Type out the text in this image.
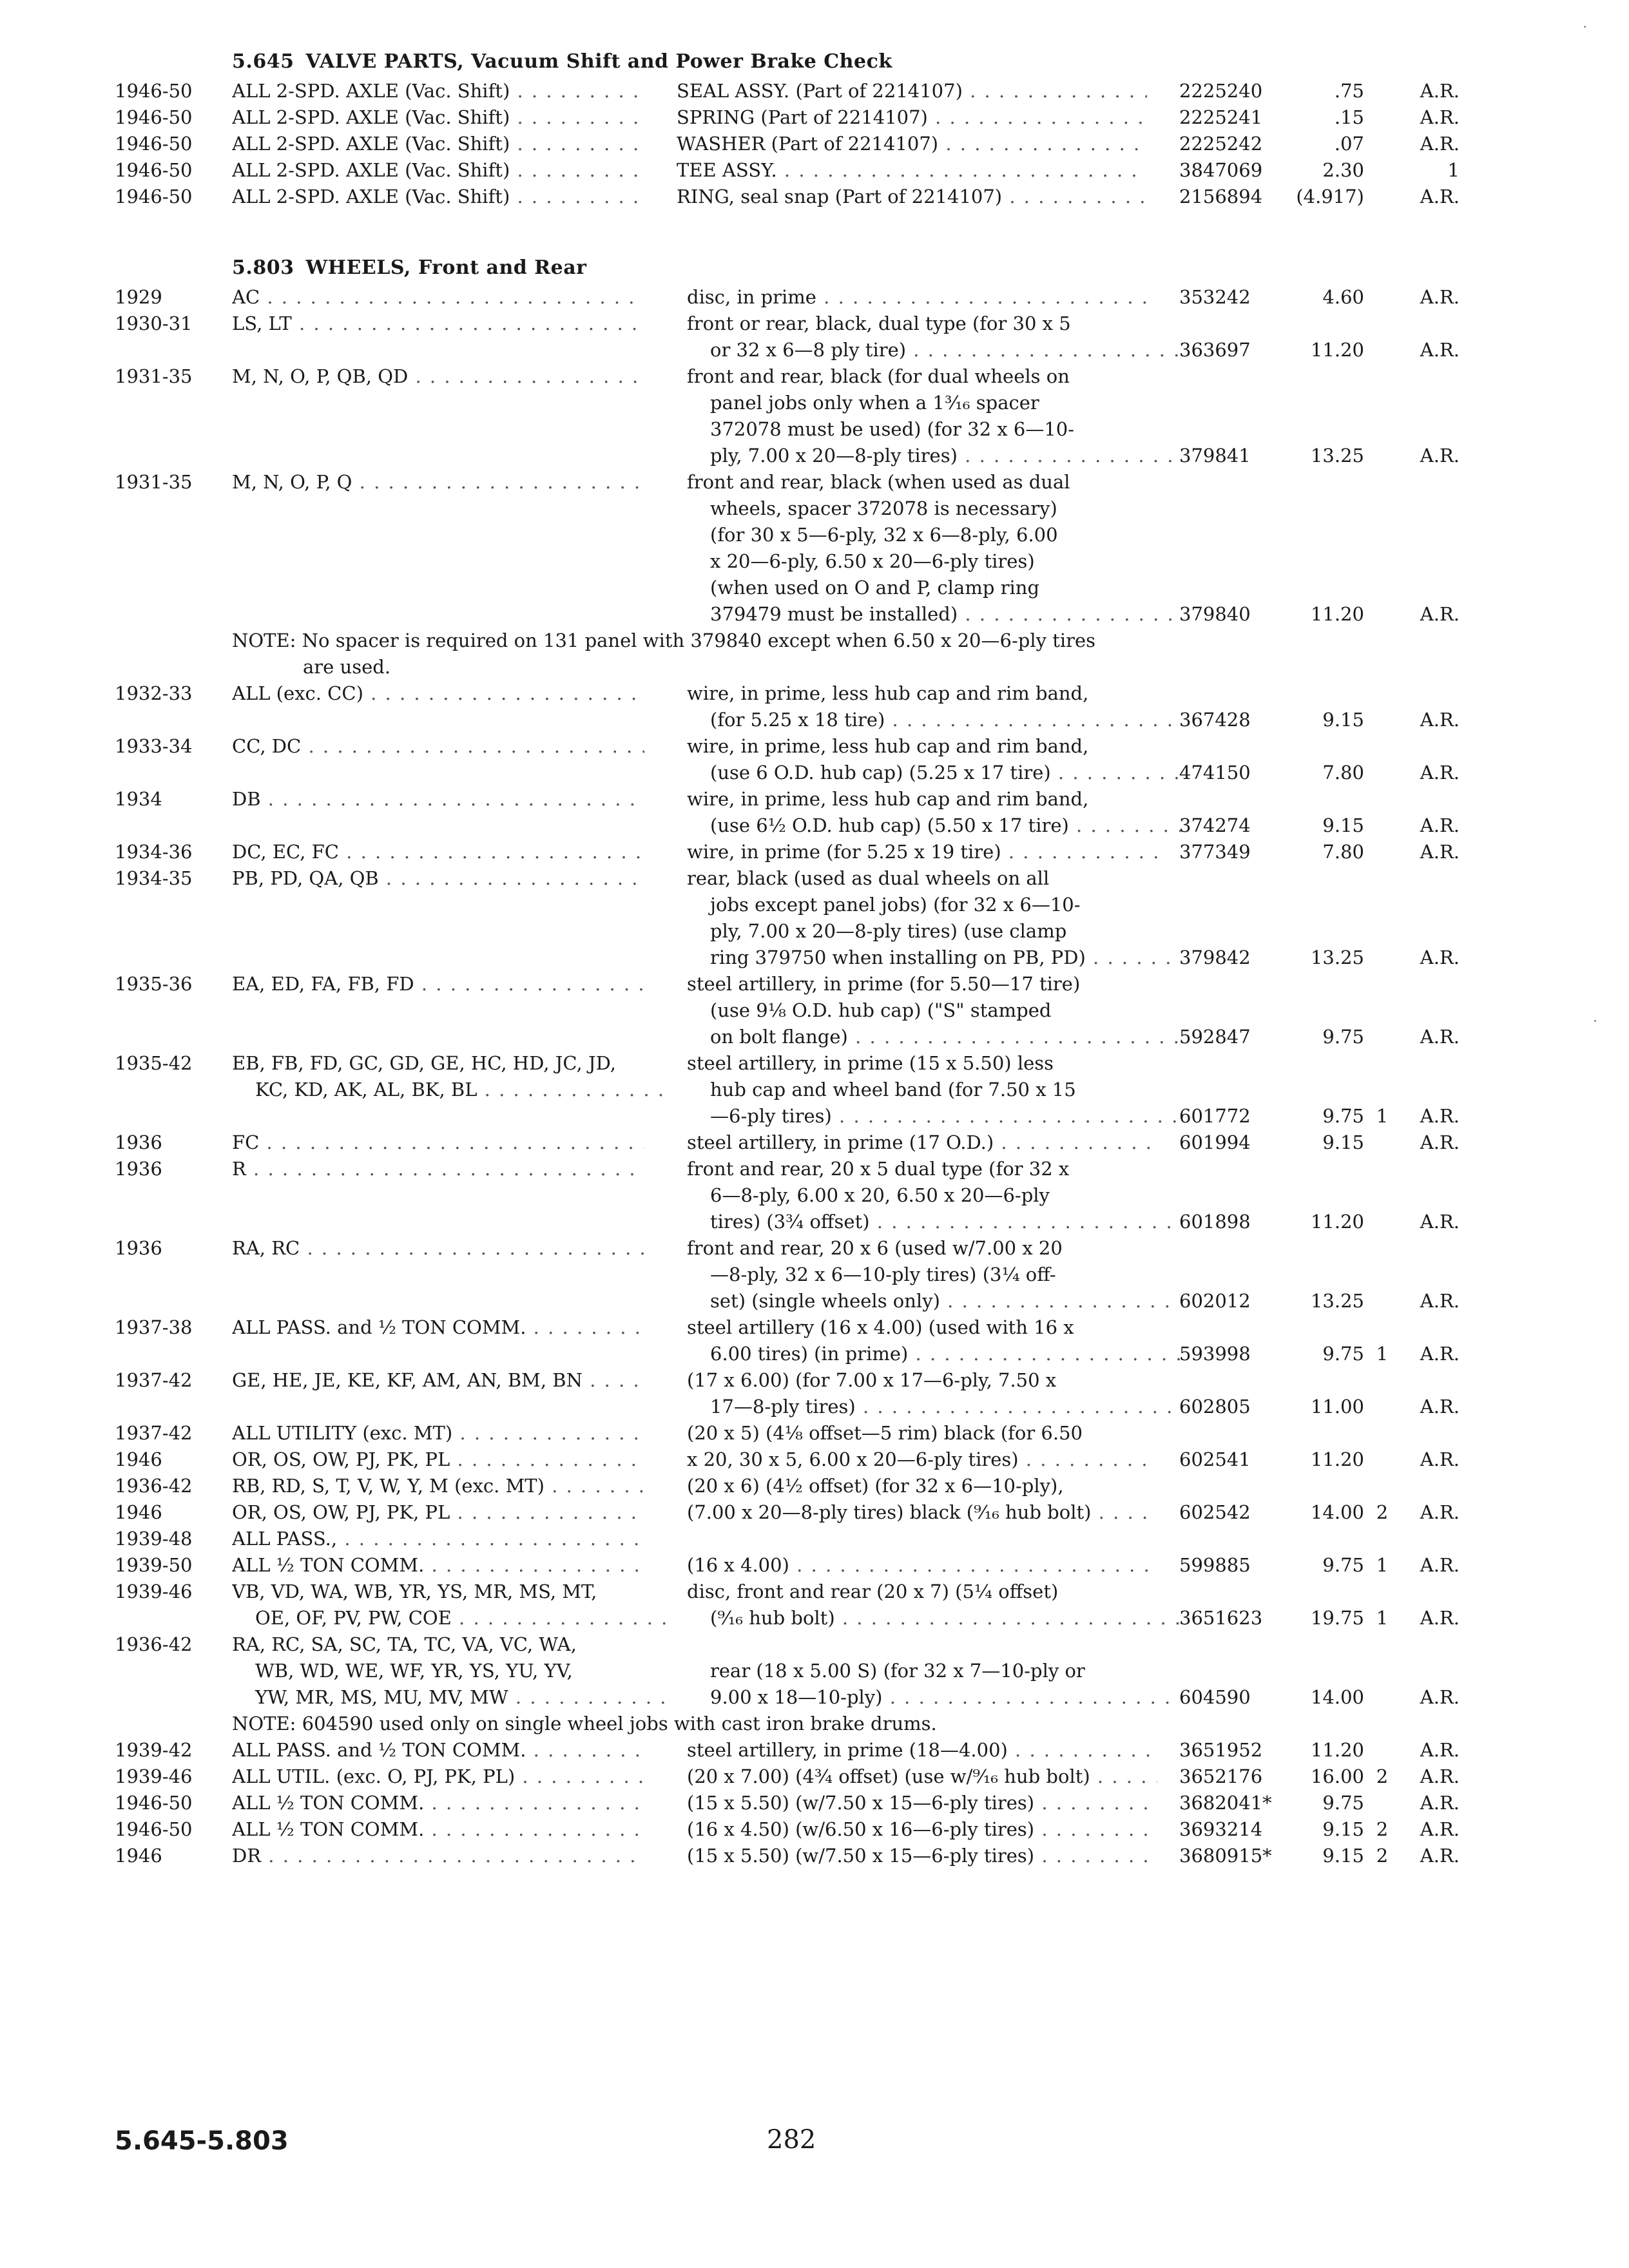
5.645 VALVE PARTS, Vacuum Shift and Power Brake Check
1946-50	ALL 2-SPD. AXLE (Vac. Shift) . . .	SEAL ASSY. (Part of 2214107) . . .	2225240	.75	A.R.
1946-50	ALL 2-SPD. AXLE (Vac. Shift) . . .	SPRING (Part of 2214107) . . .	2225241	.15	A.R.
1946-50	ALL 2-SPD. AXLE (Vac. Shift) . . .	WASHER (Part of 2214107) . . .	2225242	.07	A.R.
1946-50	ALL 2-SPD. AXLE (Vac. Shift) . . .	TEE ASSY. . . .	3847069	2.30	1
1946-50	ALL 2-SPD. AXLE (Vac. Shift) . . .	RING, seal snap (Part of 2214107) . . .	2156894	(4.917)	A.R.
5.803 WHEELS, Front and Rear
1929	AC . . .	disc, in prime . . .	353242	4.60	A.R.
1930-31	LS, LT . . .	front or rear, black, dual type (for 30 x 5
or 32 x 6—8 ply tire) . . .	363697	11.20	A.R.
1931-35	M, N, O, P, QB, QD . . .	front and rear, black (for dual wheels on
panel jobs only when a 1³⁄₁₆ spacer
372078 must be used) (for 32 x 6—10-
ply, 7.00 x 20—8-ply tires) . . .	379841	13.25	A.R.
1931-35	M, N, O, P, Q . . .	front and rear, black (when used as dual
wheels, spacer 372078 is necessary)
(for 30 x 5—6-ply, 32 x 6—8-ply, 6.00
x 20—6-ply, 6.50 x 20—6-ply tires)
(when used on O and P, clamp ring
379479 must be installed) . . .	379840	11.20	A.R.
NOTE: No spacer is required on 131 panel with 379840 except when 6.50 x 20—6-ply tires
are used.
1932-33	ALL (exc. CC) . . .	wire, in prime, less hub cap and rim band,
(for 5.25 x 18 tire) . . .	367428	9.15	A.R.
1933-34	CC, DC . . .	wire, in prime, less hub cap and rim band,
(use 6 O.D. hub cap) (5.25 x 17 tire) . . .	474150	7.80	A.R.
1934	DB . . .	wire, in prime, less hub cap and rim band,
(use 6½ O.D. hub cap) (5.50 x 17 tire) . . .	374274	9.15	A.R.
1934-36	DC, EC, FC . . .	wire, in prime (for 5.25 x 19 tire) . . .	377349	7.80	A.R.
1934-35	PB, PD, QA, QB . . .	rear, black (used as dual wheels on all
jobs except panel jobs) (for 32 x 6—10-
ply, 7.00 x 20—8-ply tires) (use clamp
ring 379750 when installing on PB, PD) . . .	379842	13.25	A.R.
1935-36	EA, ED, FA, FB, FD . . .	steel artillery, in prime (for 5.50—17 tire)
(use 9⅛ O.D. hub cap) ("S" stamped
on bolt flange) . . .	592847	9.75	A.R.
1935-42	EB, FB, FD, GC, GD, GE, HC, HD, JC, JD,	steel artillery, in prime (15 x 5.50) less
KC, KD, AK, AL, BK, BL . . .	hub cap and wheel band (for 7.50 x 15
—6-ply tires) . . .	601772	9.75 1	A.R.
1936	FC . . .	steel artillery, in prime (17 O.D.) . . .	601994	9.15	A.R.
1936	R . . .	front and rear, 20 x 5 dual type (for 32 x
6—8-ply, 6.00 x 20, 6.50 x 20—6-ply
tires) (3¾ offset) . . .	601898	11.20	A.R.
1936	RA, RC . . .	front and rear, 20 x 6 (used w/7.00 x 20
—8-ply, 32 x 6—10-ply tires) (3¼ off-
set) (single wheels only) . . .	602012	13.25	A.R.
1937-38	ALL PASS. and ½ TON COMM. . . .	steel artillery (16 x 4.00) (used with 16 x
6.00 tires) (in prime) . . .	593998	9.75 1	A.R.
1937-42	GE, HE, JE, KE, KF, AM, AN, BM, BN . . .	(17 x 6.00) (for 7.00 x 17—6-ply, 7.50 x
17—8-ply tires) . . .	602805	11.00	A.R.
1937-42	ALL UTILITY (exc. MT) . . .	(20 x 5) (4⅛ offset—5 rim) black (for 6.50
1946	OR, OS, OW, PJ, PK, PL . . .	x 20, 30 x 5, 6.00 x 20—6-ply tires) . . .	602541	11.20	A.R.
1936-42	RB, RD, S, T, V, W, Y, M (exc. MT) . . .	(20 x 6) (4½ offset) (for 32 x 6—10-ply),
1946	OR, OS, OW, PJ, PK, PL . . .	(7.00 x 20—8-ply tires) black (⁹⁄₁₆ hub bolt) . . .	602542	14.00 2	A.R.
1939-48	ALL PASS., . . .
1939-50	ALL ½ TON COMM. . . .	(16 x 4.00) . . .	599885	9.75 1	A.R.
1939-46	VB, VD, WA, WB, YR, YS, MR, MS, MT,	disc, front and rear (20 x 7) (5¼ offset)
OE, OF, PV, PW, COE . . .	(⁹⁄₁₆ hub bolt) . . .	3651623	19.75 1	A.R.
1936-42	RA, RC, SA, SC, TA, TC, VA, VC, WA,
WB, WD, WE, WF, YR, YS, YU, YV,	rear (18 x 5.00 S) (for 32 x 7—10-ply or
YW, MR, MS, MU, MV, MW . . .	9.00 x 18—10-ply) . . .	604590	14.00	A.R.
NOTE: 604590 used only on single wheel jobs with cast iron brake drums.
1939-42	ALL PASS. and ½ TON COMM. . . .	steel artillery, in prime (18—4.00) . . .	3651952	11.20	A.R.
1939-46	ALL UTIL. (exc. O, PJ, PK, PL) . . .	(20 x 7.00) (4¾ offset) (use w/⁹⁄₁₆ hub bolt) . . .	3652176	16.00 2	A.R.
1946-50	ALL ½ TON COMM. . . .	(15 x 5.50) (w/7.50 x 15—6-ply tires) . . .	3682041*	9.75	A.R.
1946-50	ALL ½ TON COMM. . . .	(16 x 4.50) (w/6.50 x 16—6-ply tires) . . .	3693214	9.15 2	A.R.
1946	DR . . .	(15 x 5.50) (w/7.50 x 15—6-ply tires) . . .	3680915*	9.15 2	A.R.
5.645-5.803	282
